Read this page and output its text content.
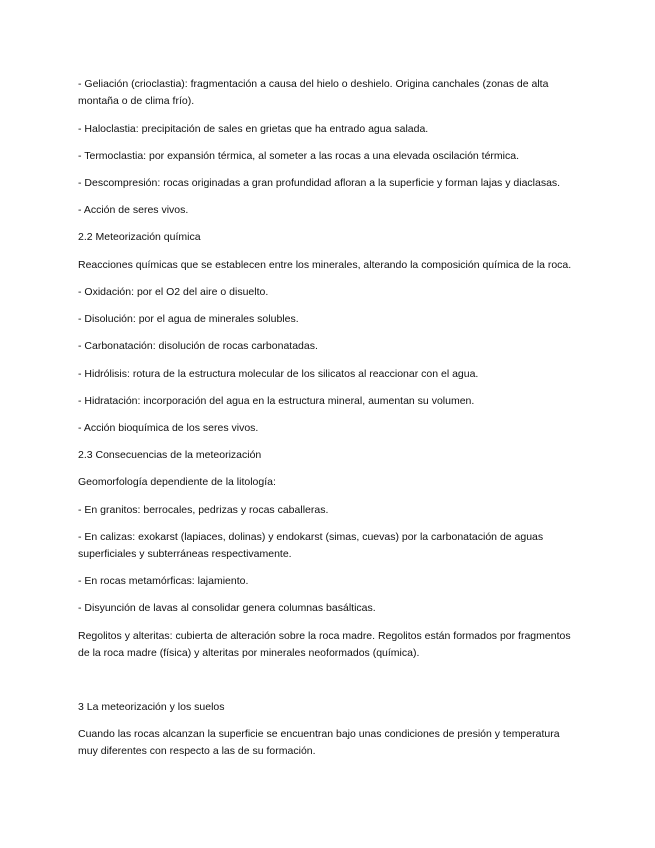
- Geliación (crioclastia): fragmentación a causa del hielo o deshielo. Origina canchales (zonas de alta montaña o de clima frío).

- Haloclastia: precipitación de sales en grietas que ha entrado agua salada.

- Termoclastia: por expansión térmica, al someter a las rocas a una elevada oscilación térmica.

- Descompresión: rocas originadas a gran profundidad afloran a la superficie y forman lajas y diaclasas.

- Acción de seres vivos.

2.2 Meteorización química

Reacciones químicas que se establecen entre los minerales, alterando la composición química de la roca.

- Oxidación: por el O2 del aire o disuelto.

- Disolución: por el agua de minerales solubles.

- Carbonatación: disolución de rocas carbonatadas.

- Hidrólisis: rotura de la estructura molecular de los silicatos al reaccionar con el agua.

- Hidratación: incorporación del agua en la estructura mineral, aumentan su volumen.

- Acción bioquímica de los seres vivos.

2.3 Consecuencias de la meteorización

Geomorfología dependiente de la litología:

- En granitos: berrocales, pedrizas y rocas caballeras.

- En calizas: exokarst (lapiaces, dolinas) y endokarst (simas, cuevas) por la carbonatación de aguas superficiales y subterráneas respectivamente.

- En rocas metamórficas: lajamiento.

- Disyunción de lavas al consolidar genera columnas basálticas.

Regolitos y alteritas: cubierta de alteración sobre la roca madre. Regolitos están formados por fragmentos de la roca madre (física) y alteritas por minerales neoformados (química).

3 La meteorización y los suelos

Cuando las rocas alcanzan la superficie se encuentran bajo unas condiciones de presión y temperatura muy diferentes con respecto a las de su formación.
